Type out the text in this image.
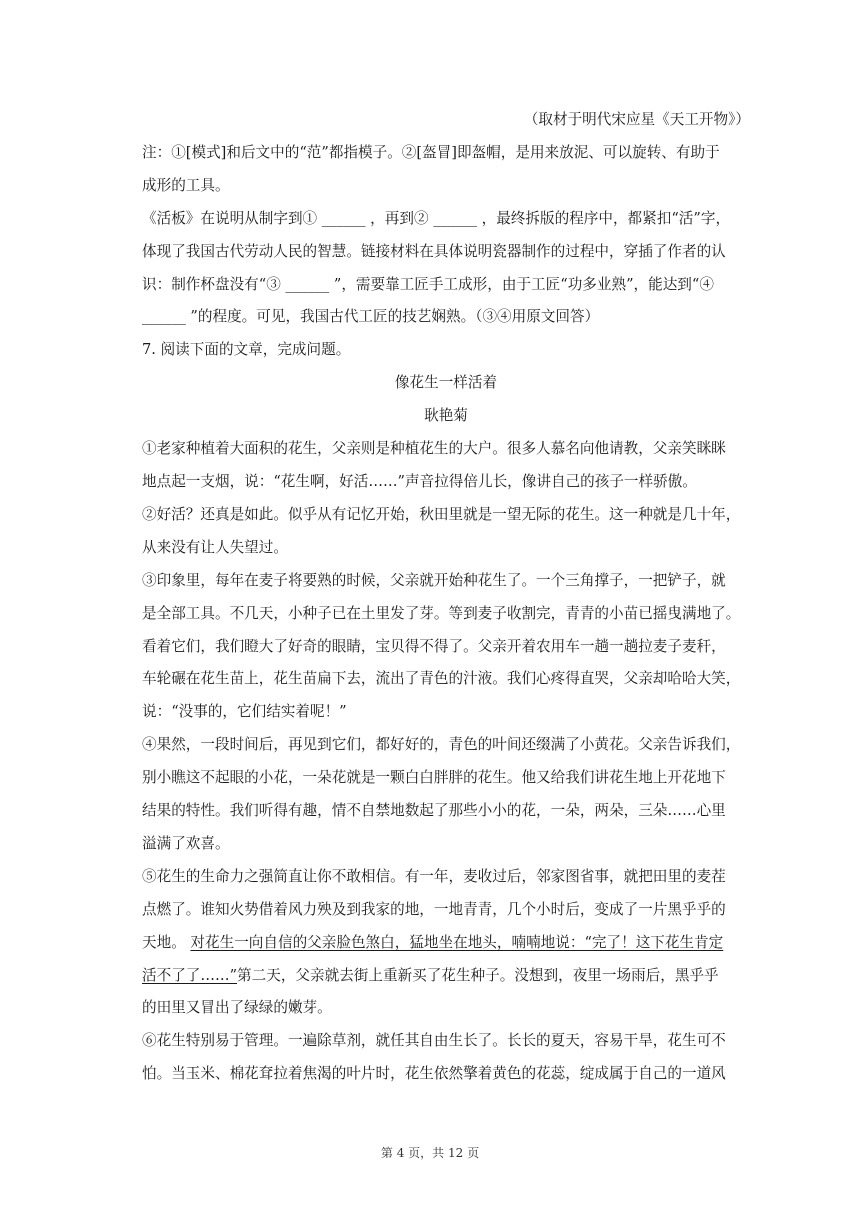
（取材于明代宋应星《天工开物》）

注：①[模式]和后文中的“范”都指模子。②[盔冒]即盔帽，是用来放泥、可以旋转、有助于

成形的工具。

《活板》在说明从制字到① ______ ，再到② ______ ，最终拆版的程序中，都紧扣“活”字，

体现了我国古代劳动人民的智慧。链接材料在具体说明瓷器制作的过程中，穿插了作者的认

识：制作杯盘没有“③ ______ ”，需要靠工匠手工成形，由于工匠“功多业熟”，能达到“④

______ ”的程度。可见，我国古代工匠的技艺娴熟。（③④用原文回答）

7. 阅读下面的文章，完成问题。

像花生一样活着

耿艳菊

①老家种植着大面积的花生，父亲则是种植花生的大户。很多人慕名向他请教，父亲笑眯眯

地点起一支烟，说：“花生啊，好活……”声音拉得倍儿长，像讲自己的孩子一样骄傲。

②好活？还真是如此。似乎从有记忆开始，秋田里就是一望无际的花生。这一种就是几十年，

从来没有让人失望过。

③印象里，每年在麦子将要熟的时候，父亲就开始种花生了。一个三角撑子，一把铲子，就

是全部工具。不几天，小种子已在土里发了芽。等到麦子收割完，青青的小苗已摇曳满地了。

看着它们，我们瞪大了好奇的眼睛，宝贝得不得了。父亲开着农用车一趟一趟拉麦子麦秆，

车轮碾在花生苗上，花生苗扁下去，流出了青色的汁液。我们心疼得直哭，父亲却哈哈大笑，

说：“没事的，它们结实着呢！”

④果然，一段时间后，再见到它们，都好好的，青色的叶间还缀满了小黄花。父亲告诉我们，

别小瞧这不起眼的小花，一朵花就是一颗白白胖胖的花生。他又给我们讲花生地上开花地下

结果的特性。我们听得有趣，情不自禁地数起了那些小小的花，一朵，两朵，三朵……心里

溢满了欢喜。

⑤花生的生命力之强简直让你不敢相信。有一年，麦收过后，邻家图省事，就把田里的麦茬

点燃了。谁知火势借着风力殃及到我家的地，一地青青，几个小时后，变成了一片黑乎乎的

天地。 对花生一向自信的父亲脸色煞白，猛地坐在地头，喃喃地说：“完了！这下花生肯定

活不了了……”第二天，父亲就去街上重新买了花生种子。没想到，夜里一场雨后，黑乎乎

的田里又冒出了绿绿的嫩芽。

⑥花生特别易于管理。一遍除草剂，就任其自由生长了。长长的夏天，容易干旱，花生可不

怕。当玉米、棉花耷拉着焦渴的叶片时，花生依然擎着黄色的花蕊，绽成属于自己的一道风

第 4 页，共 12 页
